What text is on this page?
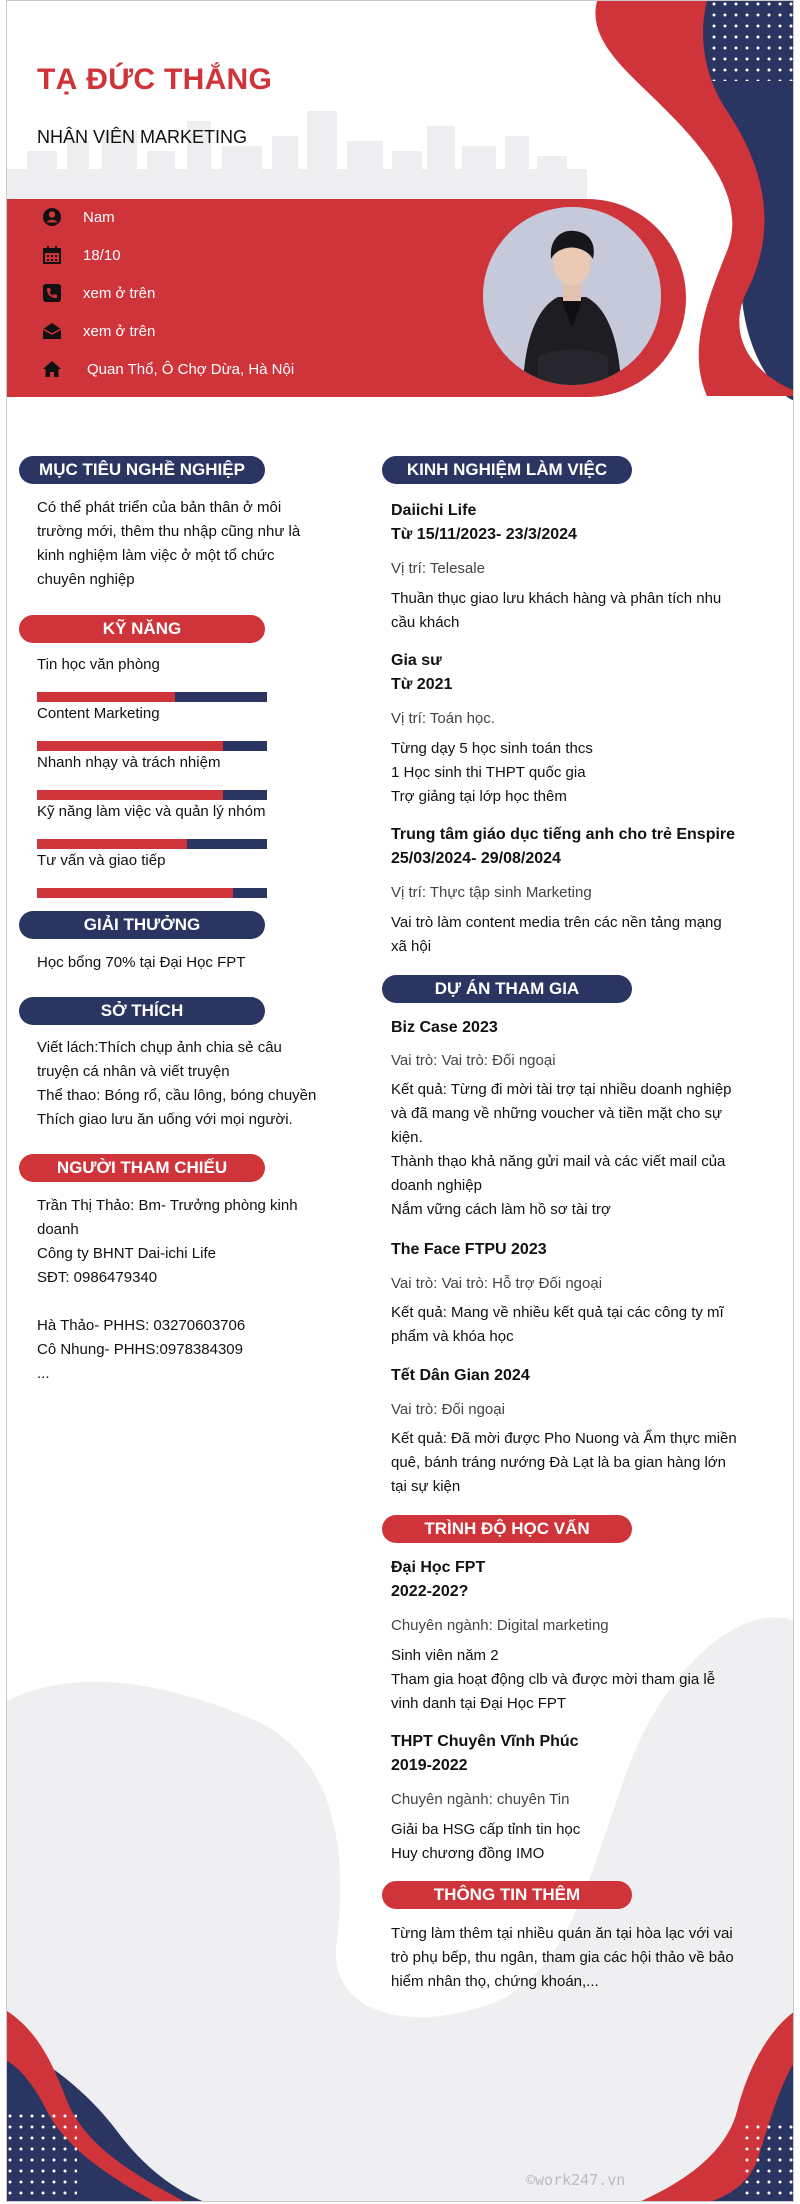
TẠ ĐỨC THẮNG
NHÂN VIÊN MARKETING
Nam
18/10
xem ở trên
xem ở trên
Quan Thổ, Ô Chợ Dừa, Hà Nội
MỤC TIÊU NGHỀ NGHIỆP
Có thể phát triển của bản thân ở môi
trường mới, thêm thu nhập cũng như là
kinh nghiệm làm việc ở một tổ chức
chuyên nghiệp
KỸ NĂNG
Tin học văn phòng
Content Marketing
Nhanh nhạy và trách nhiệm
Kỹ năng làm việc và quản lý nhóm
Tư vấn và giao tiếp
GIẢI THƯỞNG
Học bổng 70% tại Đại Học FPT
SỞ THÍCH
Viết lách:Thích chụp ảnh chia sẻ câu
truyện cá nhân và viết truyện
Thể thao: Bóng rổ, cầu lông, bóng chuyền
Thích giao lưu ăn uống với mọi người.
NGƯỜI THAM CHIẾU
Trần Thị Thảo: Bm- Trưởng phòng kinh
doanh
Công ty BHNT Dai-ichi Life
SĐT: 0986479340
Hà Thảo- PHHS: 03270603706
Cô Nhung- PHHS:0978384309
...
KINH NGHIỆM LÀM VIỆC
Daiichi Life
Từ 15/11/2023- 23/3/2024
Vị trí: Telesale
Thuần thục giao lưu khách hàng và phân tích nhu
cầu khách
Gia sư
Từ 2021
Vị trí: Toán học.
Từng dạy 5 học sinh toán thcs
1 Học sinh thi THPT quốc gia
Trợ giảng tại lớp học thêm
Trung tâm giáo dục tiếng anh cho trẻ Enspire
25/03/2024- 29/08/2024
Vị trí: Thực tập sinh Marketing
Vai trò làm content media trên các nền tảng mạng
xã hội
DỰ ÁN THAM GIA
Biz Case 2023
Vai trò: Vai trò: Đối ngoại
Kết quả: Từng đi mời tài trợ tại nhiều doanh nghiệp
và đã mang về những voucher và tiền mặt cho sự
kiện.
Thành thạo khả năng gửi mail và các viết mail của
doanh nghiệp
Nắm vững cách làm hồ sơ tài trợ
The Face FTPU 2023
Vai trò: Vai trò: Hỗ trợ Đối ngoại
Kết quả: Mang về nhiều kết quả tại các công ty mĩ
phẩm và khóa học
Tết Dân Gian 2024
Vai trò: Đối ngoại
Kết quả: Đã mời được Pho Nuong và Ẩm thực miền
quê, bánh tráng nướng Đà Lạt là ba gian hàng lớn
tại sự kiện
TRÌNH ĐỘ HỌC VẤN
Đại Học FPT
2022-202?
Chuyên ngành: Digital marketing
Sinh viên năm 2
Tham gia hoạt động clb và được mời tham gia lễ
vinh danh tại Đại Học FPT
THPT Chuyên Vĩnh Phúc
2019-2022
Chuyên ngành: chuyên Tin
Giải ba HSG cấp tỉnh tin học
Huy chương đồng IMO
THÔNG TIN THÊM
Từng làm thêm tại nhiều quán ăn tại hòa lạc với vai
trò phụ bếp, thu ngân, tham gia các hội thảo về bảo
hiểm nhân thọ, chứng khoán,...
©work247.vn
